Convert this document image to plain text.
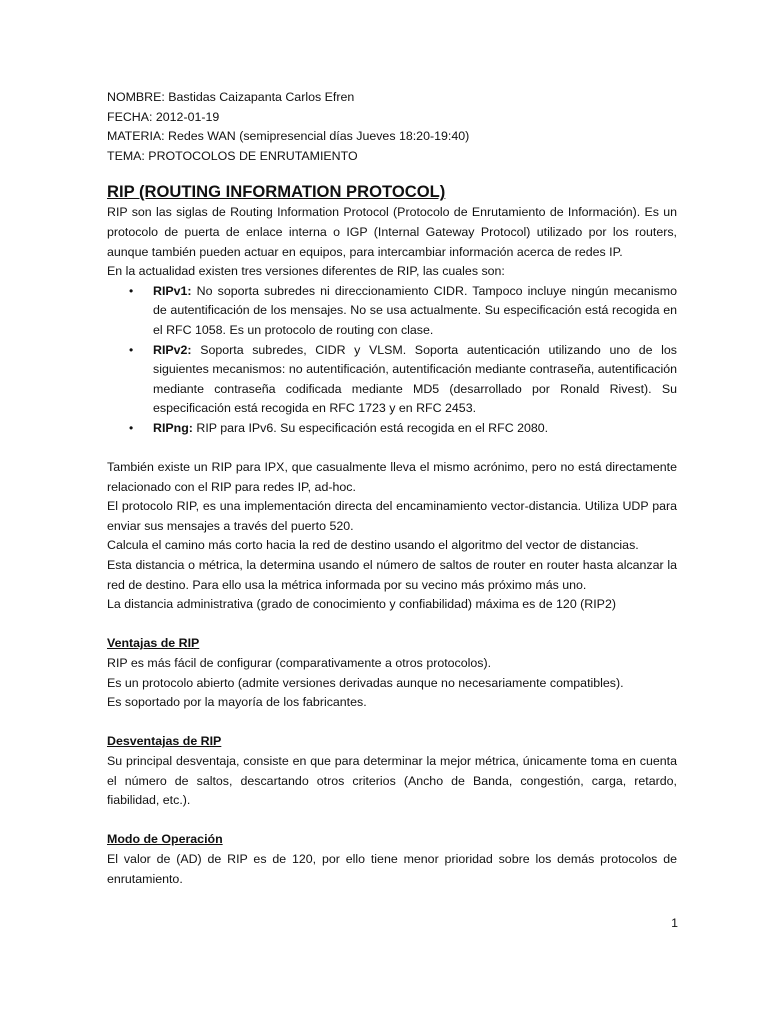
NOMBRE: Bastidas Caizapanta Carlos Efren

FECHA: 2012-01-19

MATERIA: Redes WAN (semipresencial días Jueves 18:20-19:40)

TEMA: PROTOCOLOS DE ENRUTAMIENTO

RIP (ROUTING INFORMATION PROTOCOL)

RIP son las siglas de Routing Information Protocol (Protocolo de Enrutamiento de Información). Es un protocolo de puerta de enlace interna o IGP (Internal Gateway Protocol) utilizado por los routers, aunque también pueden actuar en equipos, para intercambiar información acerca de redes IP.

En la actualidad existen tres versiones diferentes de RIP, las cuales son:

• RIPv1: No soporta subredes ni direccionamiento CIDR. Tampoco incluye ningún mecanismo de autentificación de los mensajes. No se usa actualmente. Su especificación está recogida en el RFC 1058. Es un protocolo de routing con clase.
• RIPv2: Soporta subredes, CIDR y VLSM. Soporta autenticación utilizando uno de los siguientes mecanismos: no autentificación, autentificación mediante contraseña, autentificación mediante contraseña codificada mediante MD5 (desarrollado por Ronald Rivest). Su especificación está recogida en RFC 1723 y en RFC 2453.
• RIPng: RIP para IPv6. Su especificación está recogida en el RFC 2080.

También existe un RIP para IPX, que casualmente lleva el mismo acrónimo, pero no está directamente relacionado con el RIP para redes IP, ad-hoc.

El protocolo RIP, es una implementación directa del encaminamiento vector-distancia. Utiliza UDP para enviar sus mensajes a través del puerto 520.

Calcula el camino más corto hacia la red de destino usando el algoritmo del vector de distancias.

Esta distancia o métrica, la determina usando el número de saltos de router en router hasta alcanzar la red de destino. Para ello usa la métrica informada por su vecino más próximo más uno.

La distancia administrativa (grado de conocimiento y confiabilidad) máxima es de 120 (RIP2)

Ventajas de RIP

RIP es más fácil de configurar (comparativamente a otros protocolos).

Es un protocolo abierto (admite versiones derivadas aunque no necesariamente compatibles).

Es soportado por la mayoría de los fabricantes.

Desventajas de RIP

Su principal desventaja, consiste en que para determinar la mejor métrica, únicamente toma en cuenta el número de saltos, descartando otros criterios (Ancho de Banda, congestión, carga, retardo, fiabilidad, etc.).

Modo de Operación

El valor de (AD) de RIP es de 120, por ello tiene menor prioridad sobre los demás protocolos de enrutamiento.

1
